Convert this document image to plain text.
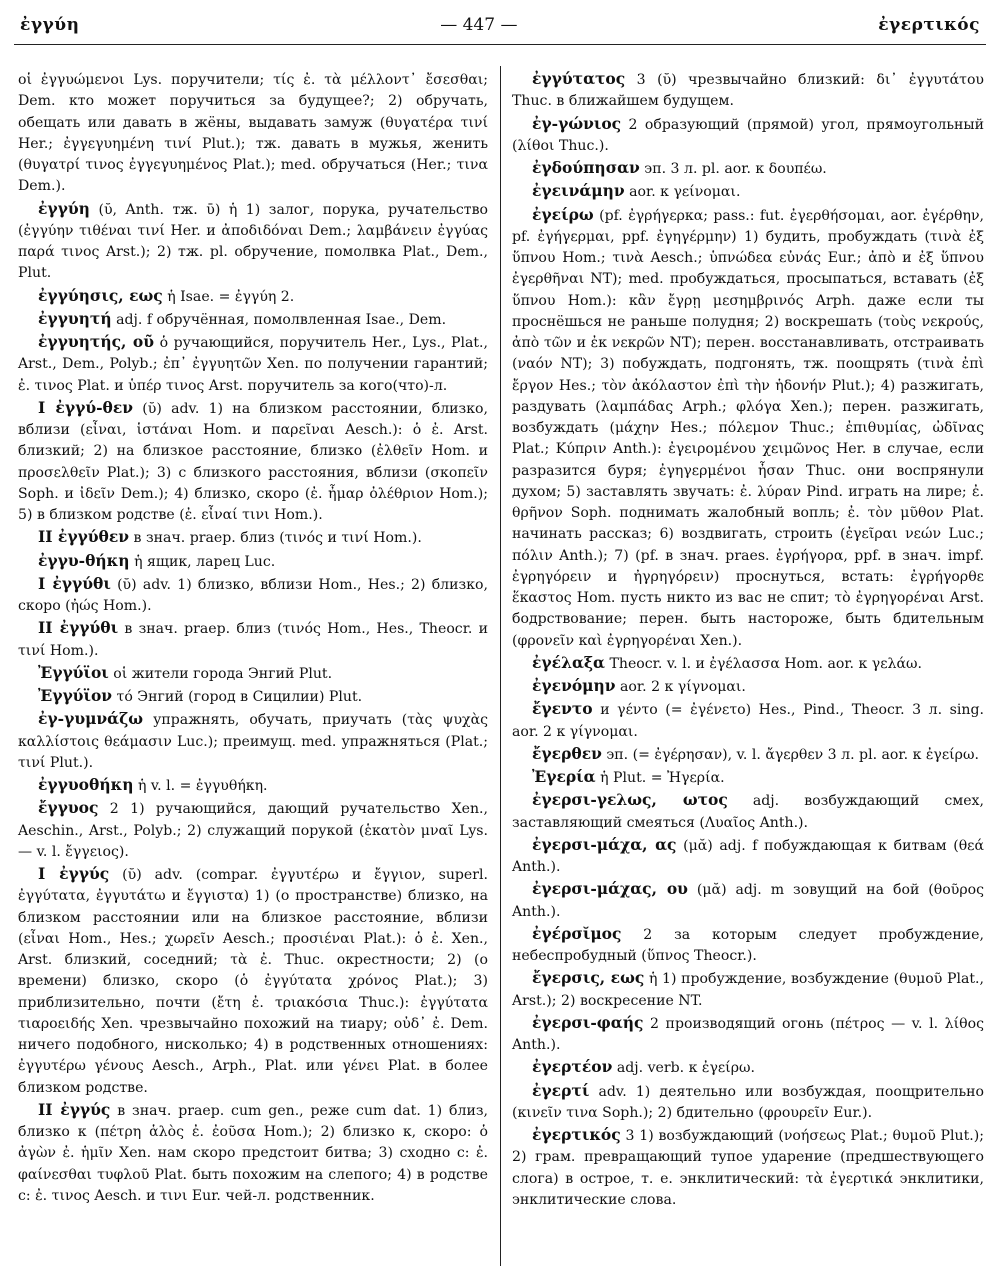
ἐγγύη	— 447 —	ἐγερτικός

οἱ ἐγγυώμενοι Lys. поручители; τίς ἐ. τὰ μέλλοντ᾿ ἔσεσθαι; Dem. кто может поручиться за будущее?; 2) обручать, обещать или давать в жёны, выдавать замуж (θυγατέρα τινί Her.; ἐγγεγυημένη τινί Plut.); тж. давать в мужья, женить (θυγατρί τινος ἐγγεγυημένος Plat.); med. обручаться (Her.; τινα Dem.).

ἐγγύη (ῠ, Anth. тж. ῡ) ἡ 1) залог, порука, ручательство (ἐγγύην τιθέναι τινί Her. и ἀποδιδόναι Dem.; λαμβάνειν ἐγγύας παρά τινος Arst.); 2) тж. pl. обручение, помолвка Plat., Dem., Plut.

ἐγγύησις, εως ἡ Isae. = ἐγγύη 2.

ἐγγυητή adj. f обручённая, помолвленная Isae., Dem.

ἐγγυητής, οῦ ὁ ручающийся, поручитель Her., Lys., Plat., Arst., Dem., Polyb.; ἐπ᾿ ἐγγυητῶν Xen. по получении гарантий; ἐ. τινος Plat. и ὑπέρ τινος Arst. поручитель за кого(что)-л.

I ἐγγύ-θεν (ῠ) adv. 1) на близком расстоянии, близко, вблизи (εἶναι, ἱστάναι Hom. и παρεῖναι Aesch.): ὁ ἐ. Arst. близкий; 2) на близкое расстояние, близко (ἐλθεῖν Hom. и προσελθεῖν Plat.); 3) с близкого расстояния, вблизи (σκοπεῖν Soph. и ἰδεῖν Dem.); 4) близко, скоро (ἐ. ἦμαρ ὀλέθριον Hom.); 5) в близком родстве (ἐ. εἶναί τινι Hom.).

II ἐγγύθεν в знач. praep. близ (τινός и τινί Hom.).

ἐγγυ-θήκη ἡ ящик, ларец Luc.

I ἐγγύθι (ῠ) adv. 1) близко, вблизи Hom., Hes.; 2) близко, скоро (ἠώς Hom.).

II ἐγγύθι в знач. praep. близ (τινός Hom., Hes., Theocr. и τινί Hom.).

Ἐγγύϊοι οἱ жители города Энгий Plut.

Ἐγγύϊον τό Энгий (город в Сицилии) Plut.

ἐγ-γυμνάζω упражнять, обучать, приучать (τὰς ψυχὰς καλλίστοις θεάμασιν Luc.); преимущ. med. упражняться (Plat.; τινί Plut.).

ἐγγυοθήκη ἡ v. l. = ἐγγυθήκη.

ἔγγυος 2 1) ручающийся, дающий ручательство Xen., Aeschin., Arst., Polyb.; 2) служащий порукой (ἑκατὸν μναῖ Lys. — v. l. ἔγγειος).

I ἐγγύς (ῠ) adv. (compar. ἐγγυτέρω и ἔγγιον, superl. ἐγγύτατα, ἐγγυτάτω и ἔγγιστα) 1) (о пространстве) близко, на близком расстоянии или на близкое расстояние, вблизи (εἶναι Hom., Hes.; χωρεῖν Aesch.; προσιέναι Plat.): ὁ ἐ. Xen., Arst. близкий, соседний; τὰ ἐ. Thuc. окрестности; 2) (о времени) близко, скоро (ὁ ἐγγύτατα χρόνος Plat.); 3) приблизительно, почти (ἔτη ἐ. τριακόσια Thuc.): ἐγγύτατα τιαροειδής Xen. чрезвычайно похожий на тиару; οὐδ᾿ ἐ. Dem. ничего подобного, нисколько; 4) в родственных отношениях: ἐγγυτέρω γένους Aesch., Arph., Plat. или γένει Plat. в более близком родстве.

II ἐγγύς в знач. praep. cum gen., реже cum dat. 1) близ, близко к (πέτρη ἁλὸς ἐ. ἐοῦσα Hom.); 2) близко к, скоро: ὁ ἀγὼν ἐ. ἡμῖν Xen. нам скоро предстоит битва; 3) сходно с: ἐ. φαίνεσθαι τυφλοῦ Plat. быть похожим на слепого; 4) в родстве с: ἐ. τινος Aesch. и τινι Eur. чей-л. родственник.

ἐγγύτατος 3 (ῠ) чрезвычайно близкий: δι᾿ ἐγγυτάτου Thuc. в ближайшем будущем.

ἐγ-γώνιος 2 образующий (прямой) угол, прямоугольный (λίθοι Thuc.).

ἐγδούπησαν эп. 3 л. pl. aor. к δουπέω.

ἐγεινάμην aor. к γείνομαι.

ἐγείρω (pf. ἐγρήγερκα; pass.: fut. ἐγερθήσομαι, aor. ἐγέρθην, pf. ἐγήγερμαι, ppf. ἐγηγέρμην) 1) будить, пробуждать (τινὰ ἐξ ὕπνου Hom.; τινὰ Aesch.; ὑπνώδεα εὐνάς Eur.; ἀπὸ и ἐξ ὕπνου ἐγερθῆναι NT); med. пробуждаться, просыпаться, вставать (ἐξ ὕπνου Hom.): κἂν ἔγρῃ μεσημβρινός Arph. даже если ты проснёшься не раньше полудня; 2) воскрешать (τοὺς νεκρούς, ἀπὸ τῶν и ἐκ νεκρῶν NT); перен. восстанавливать, отстраивать (ναόν NT); 3) побуждать, подгонять, тж. поощрять (τινὰ ἐπὶ ἔργον Hes.; τὸν ἀκόλαστον ἐπὶ τὴν ἡδονήν Plut.); 4) разжигать, раздувать (λαμπάδας Arph.; φλόγα Xen.); перен. разжигать, возбуждать (μάχην Hes.; πόλεμον Thuc.; ἐπιθυμίας, ὠδῖνας Plat.; Κύπριν Anth.): ἐγειρομένου χειμῶνος Her. в случае, если разразится буря; ἐγηγερμένοι ἦσαν Thuc. они воспрянули духом; 5) заставлять звучать: ἐ. λύραν Pind. играть на лире; ἐ. θρῆνον Soph. поднимать жалобный вопль; ἐ. τὸν μῦθον Plat. начинать рассказ; 6) воздвигать, строить (ἐγεῖραι νεών Luc.; πόλιν Anth.); 7) (pf. в знач. praes. ἐγρήγορα, ppf. в знач. impf. ἐγρηγόρειν и ἠγρηγόρειν) проснуться, встать: ἐγρήγορθε ἕκαστος Hom. пусть никто из вас не спит; τὸ ἐγρηγορέναι Arst. бодрствование; перен. быть настороже, быть бдительным (φρονεῖν καὶ ἐγρηγορέναι Xen.).

ἐγέλαξα Theocr. v. l. и ἐγέλασσα Hom. aor. к γελάω.

ἐγενόμην aor. 2 к γίγνομαι.

ἔγεντο и γέντο (= ἐγένετο) Hes., Pind., Theocr. 3 л. sing. aor. 2 к γίγνομαι.

ἔγερθεν эп. (= ἐγέρησαν), v. l. ἄγερθεν 3 л. pl. aor. к ἐγείρω.

Ἐγερία ἡ Plut. = Ἠγερία.

ἐγερσι-γελως, ωτος adj. возбуждающий смех, заставляющий смеяться (Λυαῖος Anth.).

ἐγερσι-μάχα, ας (μᾰ) adj. f побуждающая к битвам (θεά Anth.).

ἐγερσι-μάχας, ου (μᾰ) adj. m зовущий на бой (θοῦρος Anth.).

ἐγέρσῐμος 2 за которым следует пробуждение, небеспробудный (ὕπνος Theocr.).

ἔγερσις, εως ἡ 1) пробуждение, возбуждение (θυμοῦ Plat., Arst.); 2) воскресение NT.

ἐγερσι-φαής 2 производящий огонь (πέτρος — v. l. λίθος Anth.).

ἐγερτέον adj. verb. к ἐγείρω.

ἐγερτί adv. 1) деятельно или возбуждая, поощрительно (κινεῖν τινα Soph.); 2) бдительно (φρουρεῖν Eur.).

ἐγερτικός 3 1) возбуждающий (νοήσεως Plat.; θυμοῦ Plut.); 2) грам. превращающий тупое ударение (предшествующего слога) в острое, т. е. энклитический: τὰ ἐγερτικά энклитики, энклитические слова.
